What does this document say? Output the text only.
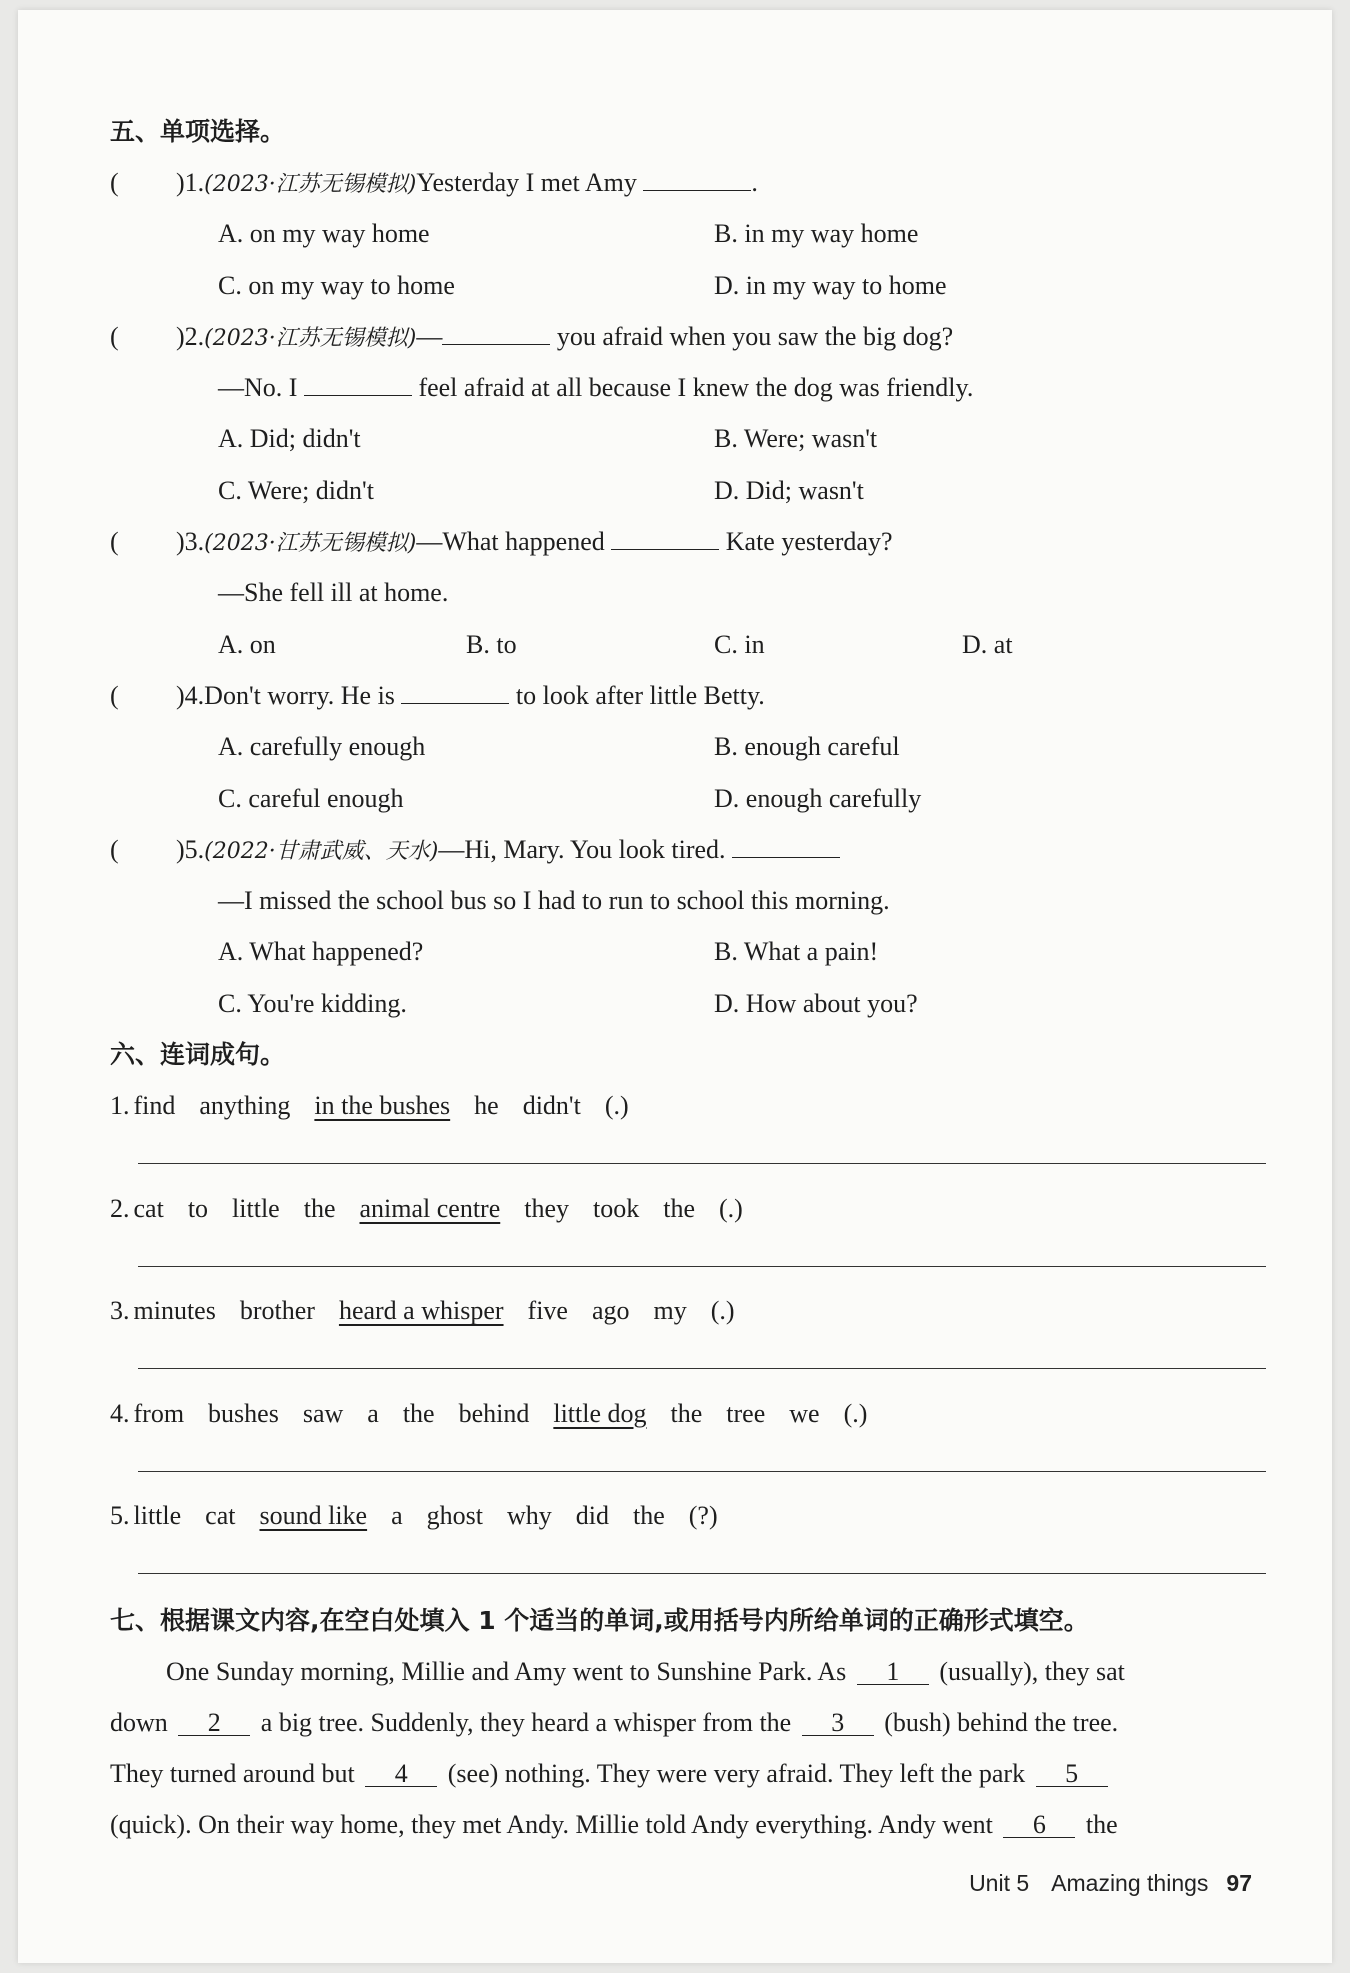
五、单项选择。
( )1.(2023·江苏无锡模拟)Yesterday I met Amy	.
A. on my way home	B. in my way home
C. on my way to home	D. in my way to home
( )2.(2023·江苏无锡模拟)—	you afraid when you saw the big dog?
—No. I	feel afraid at all because I knew the dog was friendly.
A. Did; didn't	B. Were; wasn't
C. Were; didn't	D. Did; wasn't
( )3.(2023·江苏无锡模拟)—What happened	Kate yesterday?
—She fell ill at home.
A. on	B. to	C. in	D. at
( )4.Don't worry. He is	to look after little Betty.
A. carefully enough	B. enough careful
C. careful enough	D. enough carefully
( )5.(2022·甘肃武威、天水)—Hi, Mary. You look tired.
—I missed the school bus so I had to run to school this morning.
A. What happened?	B. What a pain!
C. You're kidding.	D. How about you?
六、连词成句。
1. find anything in the bushes he didn't (.)
2. cat to little the animal centre they took the (.)
3. minutes brother heard a whisper five ago my (.)
4. from bushes saw a the behind little dog the tree we (.)
5. little cat sound like a ghost why did the (?)
七、根据课文内容,在空白处填入 1 个适当的单词,或用括号内所给单词的正确形式填空。
One Sunday morning, Millie and Amy went to Sunshine Park. As 1 (usually), they sat
down 2 a big tree. Suddenly, they heard a whisper from the 3 (bush) behind the tree.
They turned around but 4 (see) nothing. They were very afraid. They left the park 5
(quick). On their way home, they met Andy. Millie told Andy everything. Andy went 6 the
Unit 5 Amazing things 97
